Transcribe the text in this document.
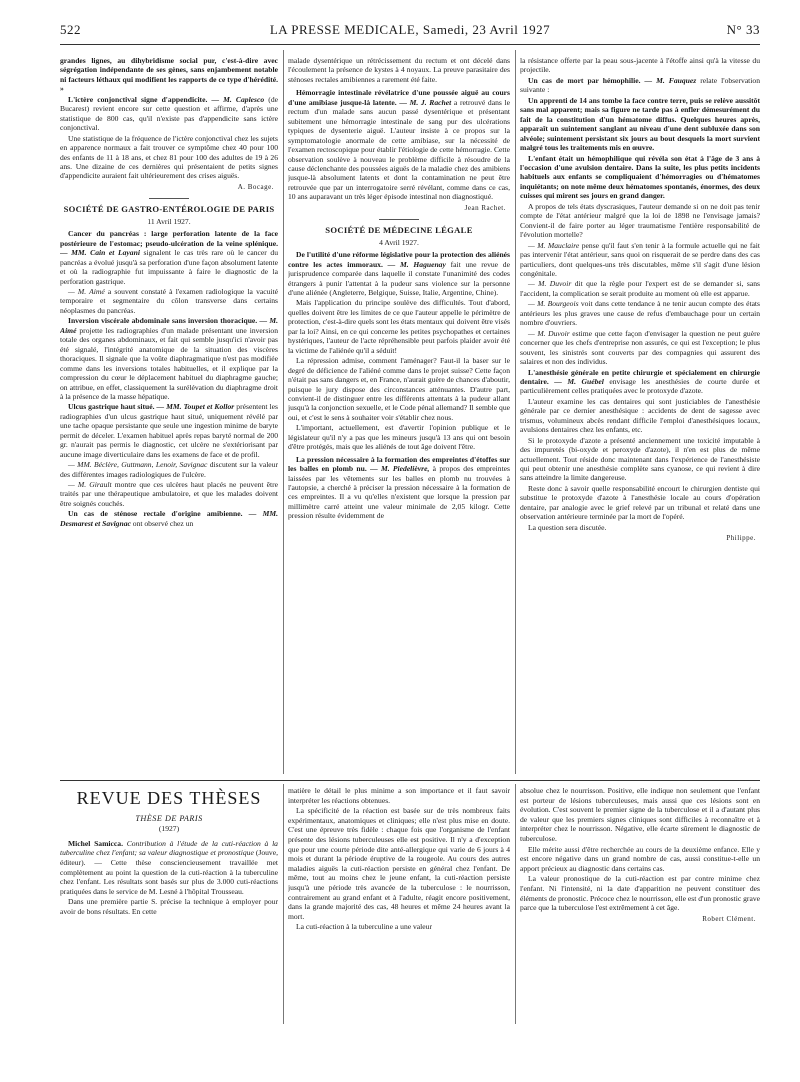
522	LA PRESSE MEDICALE, Samedi, 23 Avril 1927	N° 33

grandes lignes, au dihybridisme social pur, c'est-à-dire avec ségrégation indépendante de ses gènes, sans enjambement notable ni facteurs léthaux qui modifient les rapports de ce type d'hérédité. »

L'ictère conjonctival signe d'appendicite. — M. Caplesco (de Bucarest) revient encore sur cette question et affirme, d'après une statistique de 800 cas, qu'il n'existe pas d'appendicite sans ictère conjonctival.

Une statistique de la fréquence de l'ictère conjonctival chez les sujets en apparence normaux a fait trouver ce symptôme chez 40 pour 100 des enfants de 11 à 18 ans, et chez 81 pour 100 des adultes de 19 à 26 ans. Une dizaine de ces dernières qui présentaient de petits signes d'appendicite auraient fait ultérieurement des crises aiguës.

A. Bocage.
SOCIÉTÉ DE GASTRO-ENTÉROLOGIE DE PARIS
11 Avril 1927.

Cancer du pancréas : large perforation latente de la face postérieure de l'estomac; pseudo-ulcération de la veine splénique. — MM. Cain et Layani signalent le cas très rare où le cancer du pancréas a évolué jusqu'à sa perforation d'une façon absolument latente et où la radiographie fut impuissante à faire le diagnostic de la perforation gastrique.

— M. Aimé a souvent constaté à l'examen radiologique la vacuité temporaire et segmentaire du côlon transverse dans certains néoplasmes du pancréas.

Inversion viscérale abdominale sans inversion thoracique. — M. Aimé projette les radiographies d'un malade présentant une inversion totale des organes abdominaux, et fait qui semble jusqu'ici n'avoir pas été signalé, l'intégrité anatomique de la situation des viscères thoraciques. Il signale que la voûte diaphragmatique n'est pas modifiée comme dans les inversions totales habituelles, et il explique par la compression du cœur le déplacement habituel du diaphragme gauche; on attribue, en effet, classiquement la surélévation du diaphragme droit à la présence de la masse hépatique.

Ulcus gastrique haut situé. — MM. Toupet et Kollor présentent les radiographies d'un ulcus gastrique haut situé, uniquement révélé par une tache opaque persistante que seule une ingestion minime de baryte permit de déceler. L'examen habituel après repas baryté normal de 200 gr. n'aurait pas permis le diagnostic, cet ulcère ne s'extériorisant par aucune image diverticulaire dans les examens de face et de profil.

— MM. Béclère, Guttmann, Lenoir, Savignac discutent sur la valeur des différentes images radiologiques de l'ulcère.

— M. Girault montre que ces ulcères haut placés ne peuvent être traités par une thérapeutique ambulatoire, et que les malades doivent être soignés couchés.

Un cas de sténose rectale d'origine amibienne. — MM. Desmarest et Savignac ont observé chez un

malade dysentérique un rétrécissement du rectum et ont décelé dans l'écoulement la présence de kystes à 4 noyaux. La preuve parasitaire des sténoses rectales amibiennes a rarement été faite.

Hémorragie intestinale révélatrice d'une poussée aiguë au cours d'une amibiase jusque-là latente. — M. J. Rachet a retrouvé dans le rectum d'un malade sans aucun passé dysentérique et présentant subitement une hémorragie intestinale de sang pur des ulcérations typiques de dysenterie aiguë. L'auteur insiste à ce propos sur la symptomatologie anormale de cette amibiase, sur la nécessité de l'examen rectoscopique pour établir l'étiologie de cette hémorragie. Cette observation soulève à nouveau le problème difficile à résoudre de la cause déclenchante des poussées aiguës de la maladie chez des amibiens jusque-là absolument latents et dont la contamination ne peut être retrouvée que par un interrogatoire serré révélant, comme dans ce cas, 10 ans auparavant un très léger épisode intestinal non diagnostiqué.

Jean Rachet.
SOCIÉTÉ DE MÉDECINE LÉGALE
4 Avril 1927.

De l'utilité d'une réforme législative pour la protection des aliénés contre les actes immoraux. — M. Haguenay fait une revue de jurisprudence comparée dans laquelle il constate l'unanimité des codes étrangers à punir l'attentat à la pudeur sans violence sur la personne d'une aliénée (Angleterre, Belgique, Suisse, Italie, Argentine, Chine).

Mais l'application du principe soulève des difficultés. Tout d'abord, quelles doivent être les limites de ce que l'auteur appelle le périmètre de protection, c'est-à-dire quels sont les états mentaux qui doivent être visés par la loi? Ainsi, en ce qui concerne les petites psychopathes et certaines hystériques, l'auteur de l'acte répréhensible peut parfois plaider avoir été la victime de l'aliénée qu'il a séduit!

La répression admise, comment l'aménager? Faut-il la baser sur le degré de déficience de l'aliéné comme dans le projet suisse? Cette façon n'était pas sans dangers et, en France, n'aurait guère de chances d'aboutir, puisque le jury dispose des circonstances atténuantes. D'autre part, convient-il de distinguer entre les différents attentats à la pudeur allant jusqu'à la conjonction sexuelle, et le Code pénal allemand? Il semble que oui, et c'est le sens à souhaiter voir s'établir chez nous.

L'important, actuellement, est d'avertir l'opinion publique et le législateur qu'il n'y a pas que les mineurs jusqu'à 13 ans qui ont besoin d'être protégés, mais que les aliénés de tout âge doivent l'être.

La pression nécessaire à la formation des empreintes d'étoffes sur les balles en plomb nu. — M. Piedelièvre, à propos des empreintes laissées par les vêtements sur les balles en plomb nu trouvées à l'autopsie, a cherché à préciser la pression nécessaire à la formation de ces empreintes. Il a vu qu'elles n'existent que lorsque la pression par millimètre carré atteint une valeur minimale de 2,05 kilogr. Cette pression résulte évidemment de

la résistance offerte par la peau sous-jacente à l'étoffe ainsi qu'à la vitesse du projectile.

Un cas de mort par hémophilie. — M. Fauquez relate l'observation suivante :

Un apprenti de 14 ans tombe la face contre terre, puis se relève aussitôt sans mal apparent; mais sa figure ne tarde pas à enfler démesurément du fait de la constitution d'un hématome diffus. Quelques heures après, apparaît un suintement sanglant au niveau d'une dent subluxée dans son alvéole; suintement persistant six jours au bout desquels la mort survient malgré tous les traitements mis en œuvre.

L'enfant était un hémophilique qui révéla son état à l'âge de 3 ans à l'occasion d'une avulsion dentaire. Dans la suite, les plus petits incidents habituels aux enfants se compliquaient d'hémorragies ou d'hématomes inquiétants; on note même deux hématomes spontanés, énormes, des deux cuisses qui mirent ses jours en grand danger.

A propos de tels états dyscrasiques, l'auteur demande si on ne doit pas tenir compte de l'état antérieur malgré que la loi de 1898 ne l'envisage jamais? Convient-il de faire porter au léger traumatisme l'entière responsabilité de l'évolution mortelle?

— M. Mauclaire pense qu'il faut s'en tenir à la formule actuelle qui ne fait pas intervenir l'état antérieur, sans quoi on risquerait de se perdre dans des cas particuliers, dont quelques-uns très discutables, même s'il s'agit d'une lésion congénitale.

— M. Duvoir dit que la règle pour l'expert est de se demander si, sans l'accident, la complication se serait produite au moment où elle est apparue.

— M. Bourgeois voit dans cette tendance à ne tenir aucun compte des états antérieurs les plus graves une cause de refus d'embauchage pour un certain nombre d'ouvriers.

— M. Duvoir estime que cette façon d'envisager la question ne peut guère concerner que les chefs d'entreprise non assurés, ce qui est l'exception; le plus souvent, les sinistrés sont couverts par des compagnies qui assurent des salaires et non des individus.

L'anesthésie générale en petite chirurgie et spécialement en chirurgie dentaire. — M. Guébel envisage les anesthésies de courte durée et particulièrement celles pratiquées avec le protoxyde d'azote.

L'auteur examine les cas dentaires qui sont justiciables de l'anesthésie générale par ce dernier anesthésique : accidents de dent de sagesse avec trismus, volumineux abcès rendant difficile l'emploi d'anesthésiques locaux, avulsions dentaires chez les enfants, etc.

Si le protoxyde d'azote a présenté anciennement une toxicité imputable à des impuretés (bi-oxyde et peroxyde d'azote), il n'en est plus de même actuellement. Tout réside donc maintenant dans l'expérience de l'anesthésiste qui peut obtenir une anesthésie complète sans cyanose, ce qui revient à dire sans atteindre la limite dangereuse.

Reste donc à savoir quelle responsabilité encourt le chirurgien dentiste qui substitue le protoxyde d'azote à l'anesthésie locale au cours d'opération dentaire, par analogie avec le grief relevé par un tribunal et relaté dans une observation antérieure terminée par la mort de l'opéré.

La question sera discutée.

Philippe.
REVUE DES THÈSES
THÈSE DE PARIS
(1927)

Michel Samicca. Contribution à l'étude de la cuti-réaction à la tuberculine chez l'enfant; sa valeur diagnostique et pronostique (Jouve, éditeur). — Cette thèse consciencieusement travaillée met complètement au point la question de la cuti-réaction à la tuberculine chez l'enfant. Les résultats sont basés sur plus de 3.000 cuti-réactions pratiquées dans le service de M. Lesné à l'hôpital Trousseau.

Dans une première partie S. précise la technique à employer pour avoir de bons résultats. En cette

matière le détail le plus minime a son importance et il faut savoir interpréter les réactions obtenues.

La spécificité de la réaction est basée sur de très nombreux faits expérimentaux, anatomiques et cliniques; elle n'est plus mise en doute. C'est une épreuve très fidèle : chaque fois que l'organisme de l'enfant présente des lésions tuberculeuses elle est positive. Il n'y a d'exception que pour une courte période dite anté-allergique qui varie de 6 jours à 4 mois et durant la période éruptive de la rougeole. Au cours des autres maladies aiguës la cuti-réaction persiste en général chez l'enfant. De même, tout au moins chez le jeune enfant, la cuti-réaction persiste jusqu'à une période très avancée de la tuberculose : le nourrisson, contrairement au grand enfant et à l'adulte, réagit encore positivement, dans la grande majorité des cas, 48 heures et même 24 heures avant la mort.

La cuti-réaction à la tuberculine a une valeur

absolue chez le nourrisson. Positive, elle indique non seulement que l'enfant est porteur de lésions tuberculeuses, mais aussi que ces lésions sont en évolution. C'est souvent le premier signe de la tuberculose et il a d'autant plus de valeur que les premiers signes cliniques sont difficiles à reconnaître et à interpréter chez le nourrisson. Négative, elle écarte sûrement le diagnostic de tuberculose.

Elle mérite aussi d'être recherchée au cours de la deuxième enfance. Elle y est encore négative dans un grand nombre de cas, aussi constitue-t-elle un apport précieux au diagnostic dans certains cas.

La valeur pronostique de la cuti-réaction est par contre minime chez l'enfant. Ni l'intensité, ni la date d'apparition ne peuvent constituer des éléments de pronostic. Précoce chez le nourrisson, elle est d'un pronostic grave parce que la tuberculose l'est extrêmement à cet âge.

Robert Clément.
